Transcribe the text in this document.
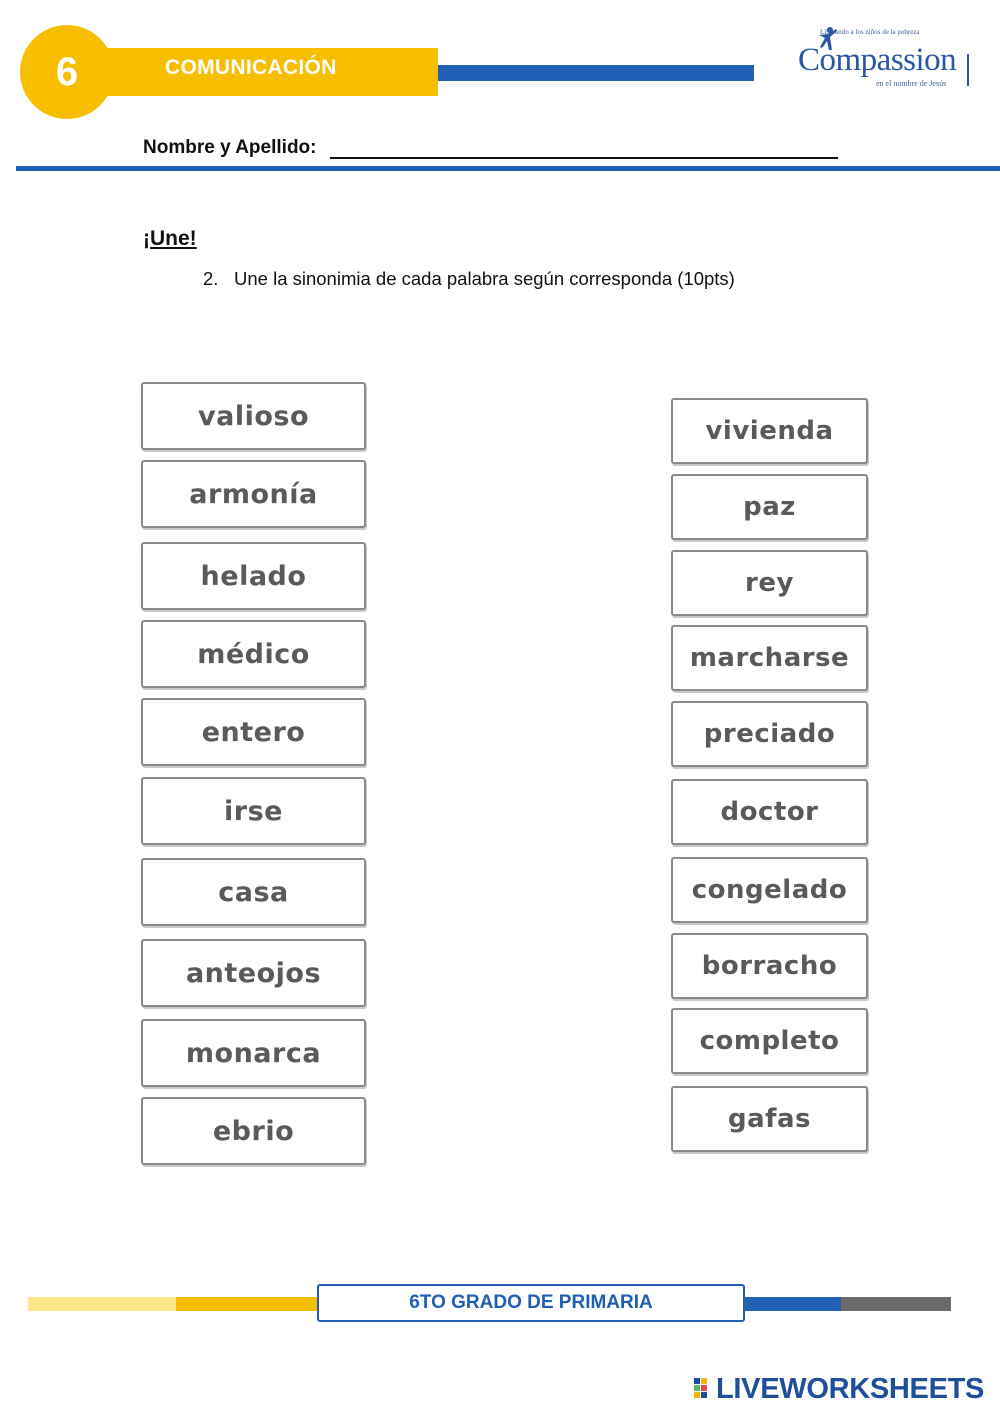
6	COMUNICACIÓN
Liberando a los niños de la pobreza
Compassion
en el nombre de Jesús
Nombre y Apellido:
¡Une!
2. Une la sinonimia de cada palabra según corresponda (10pts)
valioso
armonía
helado
médico
entero
irse
casa
anteojos
monarca
ebrio
vivienda
paz
rey
marcharse
preciado
doctor
congelado
borracho
completo
gafas
6TO GRADO DE PRIMARIA
LIVEWORKSHEETS
